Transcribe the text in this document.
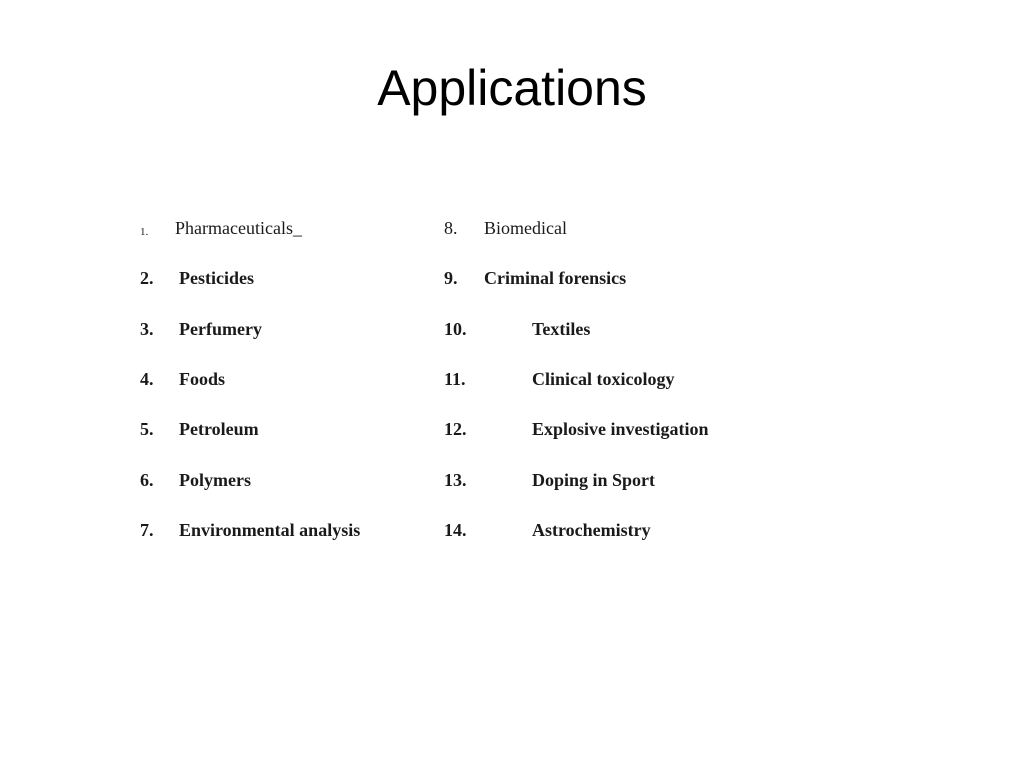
Applications
1. Pharmaceuticals_
2. Pesticides
3. Perfumery
4. Foods
5. Petroleum
6. Polymers
7. Environmental analysis
8. Biomedical
9. Criminal forensics
10.	Textiles
11.	Clinical toxicology
12.	Explosive investigation
13.	Doping in Sport
14.	Astrochemistry
